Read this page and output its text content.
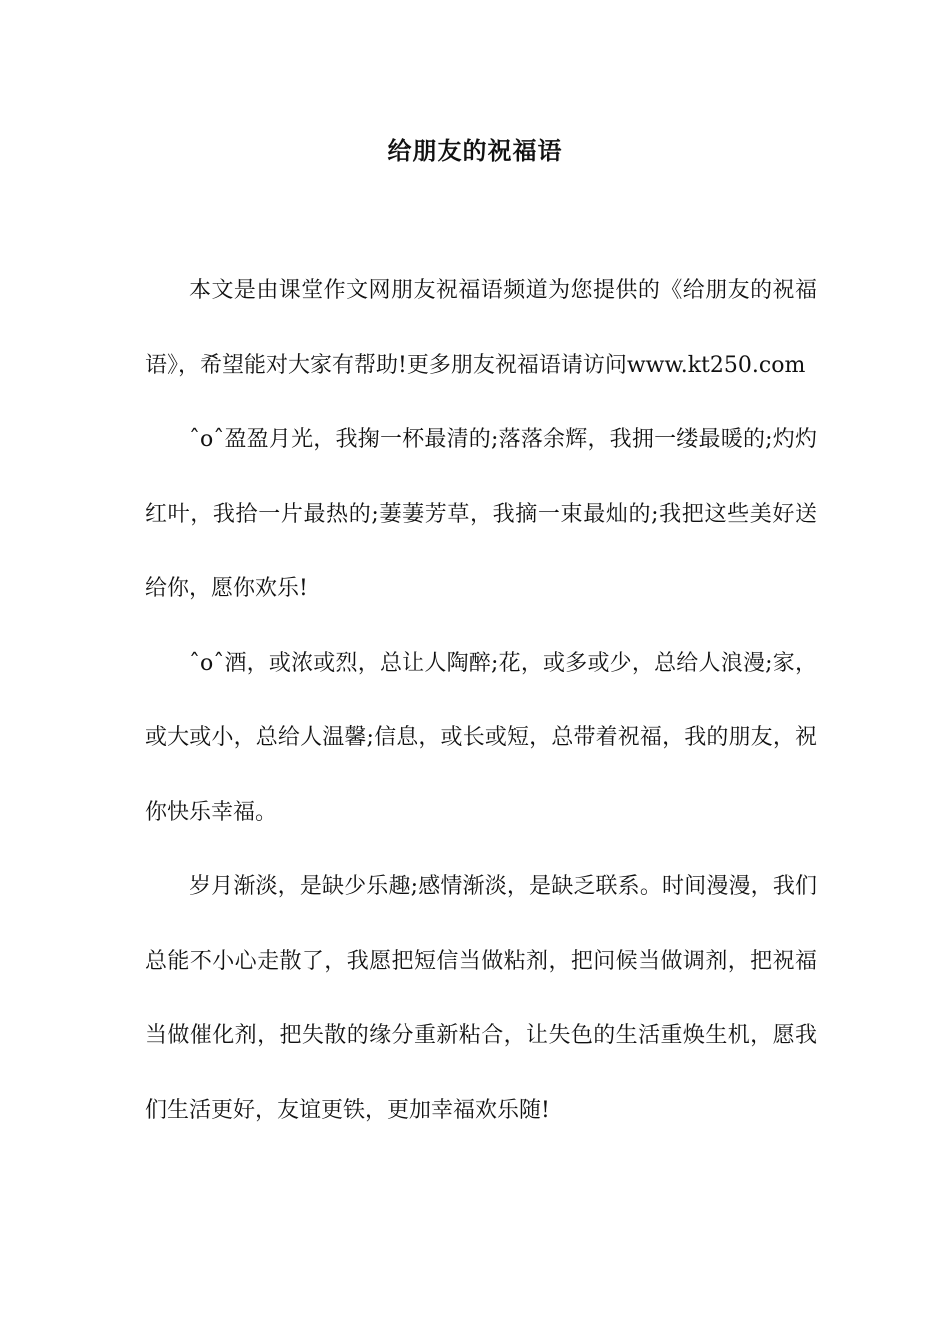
给朋友的祝福语

本文是由课堂作文网朋友祝福语频道为您提供的《给朋友的祝福语》，希望能对大家有帮助!更多朋友祝福语请访问www.kt250.com

ˆoˆ盈盈月光，我掬一杯最清的;落落余辉，我拥一缕最暖的;灼灼红叶，我拾一片最热的;萋萋芳草，我摘一束最灿的;我把这些美好送给你，愿你欢乐!

ˆoˆ酒，或浓或烈，总让人陶醉;花，或多或少，总给人浪漫;家，或大或小，总给人温馨;信息，或长或短，总带着祝福，我的朋友，祝你快乐幸福。

岁月渐淡，是缺少乐趣;感情渐淡，是缺乏联系。时间漫漫，我们总能不小心走散了，我愿把短信当做粘剂，把问候当做调剂，把祝福当做催化剂，把失散的缘分重新粘合，让失色的生活重焕生机，愿我们生活更好，友谊更铁，更加幸福欢乐随!
